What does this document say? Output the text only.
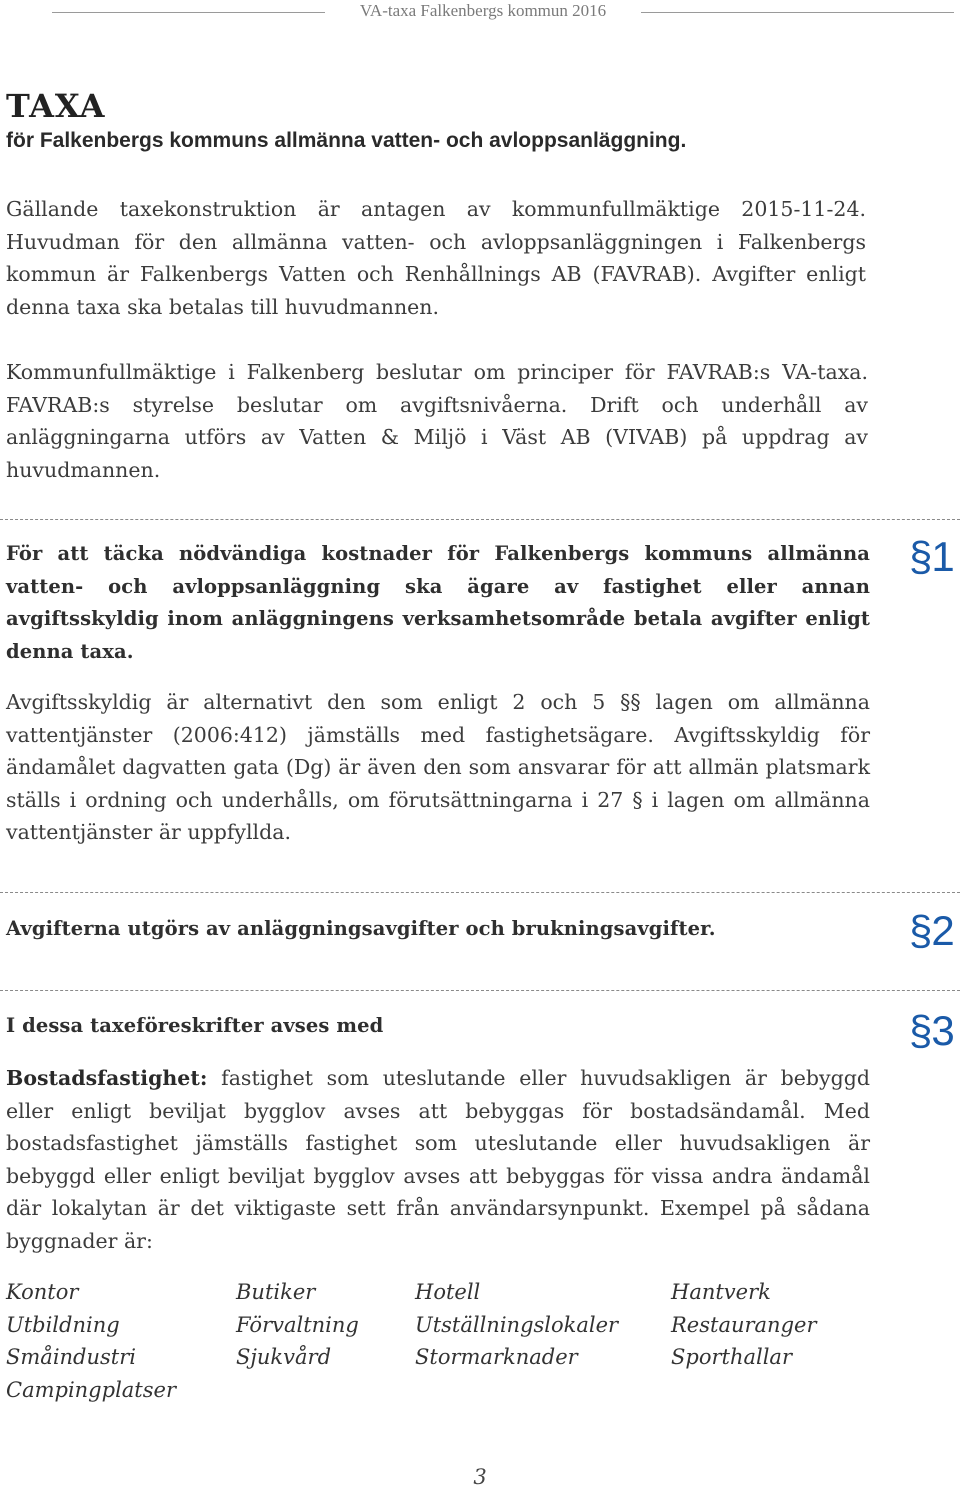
VA-taxa Falkenbergs kommun 2016
TAXA

för Falkenbergs kommuns allmänna vatten- och avloppsanläggning.

Gällande taxekonstruktion är antagen av kommunfullmäktige 2015-11-24. Huvudman för den allmänna vatten- och avloppsanläggningen i Falkenbergs kommun är Falkenbergs Vatten och Renhållnings AB (FAVRAB). Avgifter enligt denna taxa ska betalas till huvudmannen.

Kommunfullmäktige i Falkenberg beslutar om principer för FAVRAB:s VA-taxa. FAVRAB:s styrelse beslutar om avgiftsnivåerna. Drift och underhåll av anläggningarna utförs av Vatten & Miljö i Väst AB (VIVAB) på uppdrag av huvudmannen.

För att täcka nödvändiga kostnader för Falkenbergs kommuns allmänna vatten- och avloppsanläggning ska ägare av fastighet eller annan avgiftsskyldig inom anläggningens verksamhetsområde betala avgifter enligt denna taxa.

§1

Avgiftsskyldig är alternativt den som enligt 2 och 5 §§ lagen om allmänna vattentjänster (2006:412) jämställs med fastighetsägare. Avgiftsskyldig för ändamålet dagvatten gata (Dg) är även den som ansvarar för att allmän platsmark ställs i ordning och underhålls, om förutsättningarna i 27 § i lagen om allmänna vattentjänster är uppfyllda.

Avgifterna utgörs av anläggningsavgifter och brukningsavgifter.	§2

I dessa taxeföreskrifter avses med	§3

Bostadsfastighet: fastighet som uteslutande eller huvudsakligen är bebyggd eller enligt beviljat bygglov avses att bebyggas för bostadsändamål. Med bostadsfastighet jämställs fastighet som uteslutande eller huvudsakligen är bebyggd eller enligt beviljat bygglov avses att bebyggas för vissa andra ändamål där lokalytan är det viktigaste sett från användarsynpunkt. Exempel på sådana byggnader är:

Kontor	Butiker	Hotell	Hantverk
Utbildning	Förvaltning	Utställningslokaler	Restauranger
Småindustri	Sjukvård	Stormarknader	Sporthallar
Campingplatser
3
